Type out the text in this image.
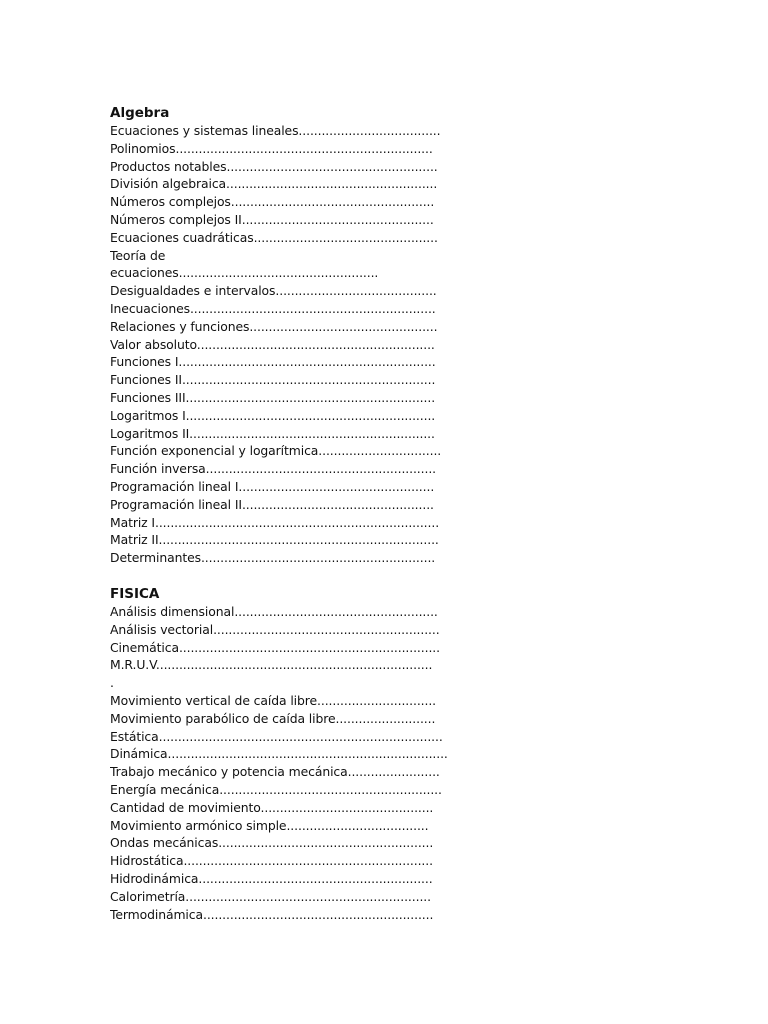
Algebra
Ecuaciones y sistemas lineales.....................................
Polinomios...................................................................
Productos notables.......................................................
División algebraica.......................................................
Números complejos.....................................................
Números complejos II..................................................
Ecuaciones cuadráticas................................................
Teoría de
ecuaciones....................................................
Desigualdades e intervalos..........................................
Inecuaciones................................................................
Relaciones y funciones.................................................
Valor absoluto..............................................................
Funciones I...................................................................
Funciones II..................................................................
Funciones III.................................................................
Logaritmos I.................................................................
Logaritmos II................................................................
Función exponencial y logarítmica................................
Función inversa............................................................
Programación lineal I...................................................
Programación lineal II..................................................
Matriz I..........................................................................
Matriz II.........................................................................
Determinantes.............................................................
FISICA
Análisis dimensional.....................................................
Análisis vectorial...........................................................
Cinemática....................................................................
M.R.U.V........................................................................
.
Movimiento vertical de caída libre...............................
Movimiento parabólico de caída libre..........................
Estática..........................................................................
Dinámica.........................................................................
Trabajo mecánico y potencia mecánica........................
Energía mecánica..........................................................
Cantidad de movimiento.............................................
Movimiento armónico simple.....................................
Ondas mecánicas........................................................
Hidrostática.................................................................
Hidrodinámica.............................................................
Calorimetría................................................................
Termodinámica............................................................
